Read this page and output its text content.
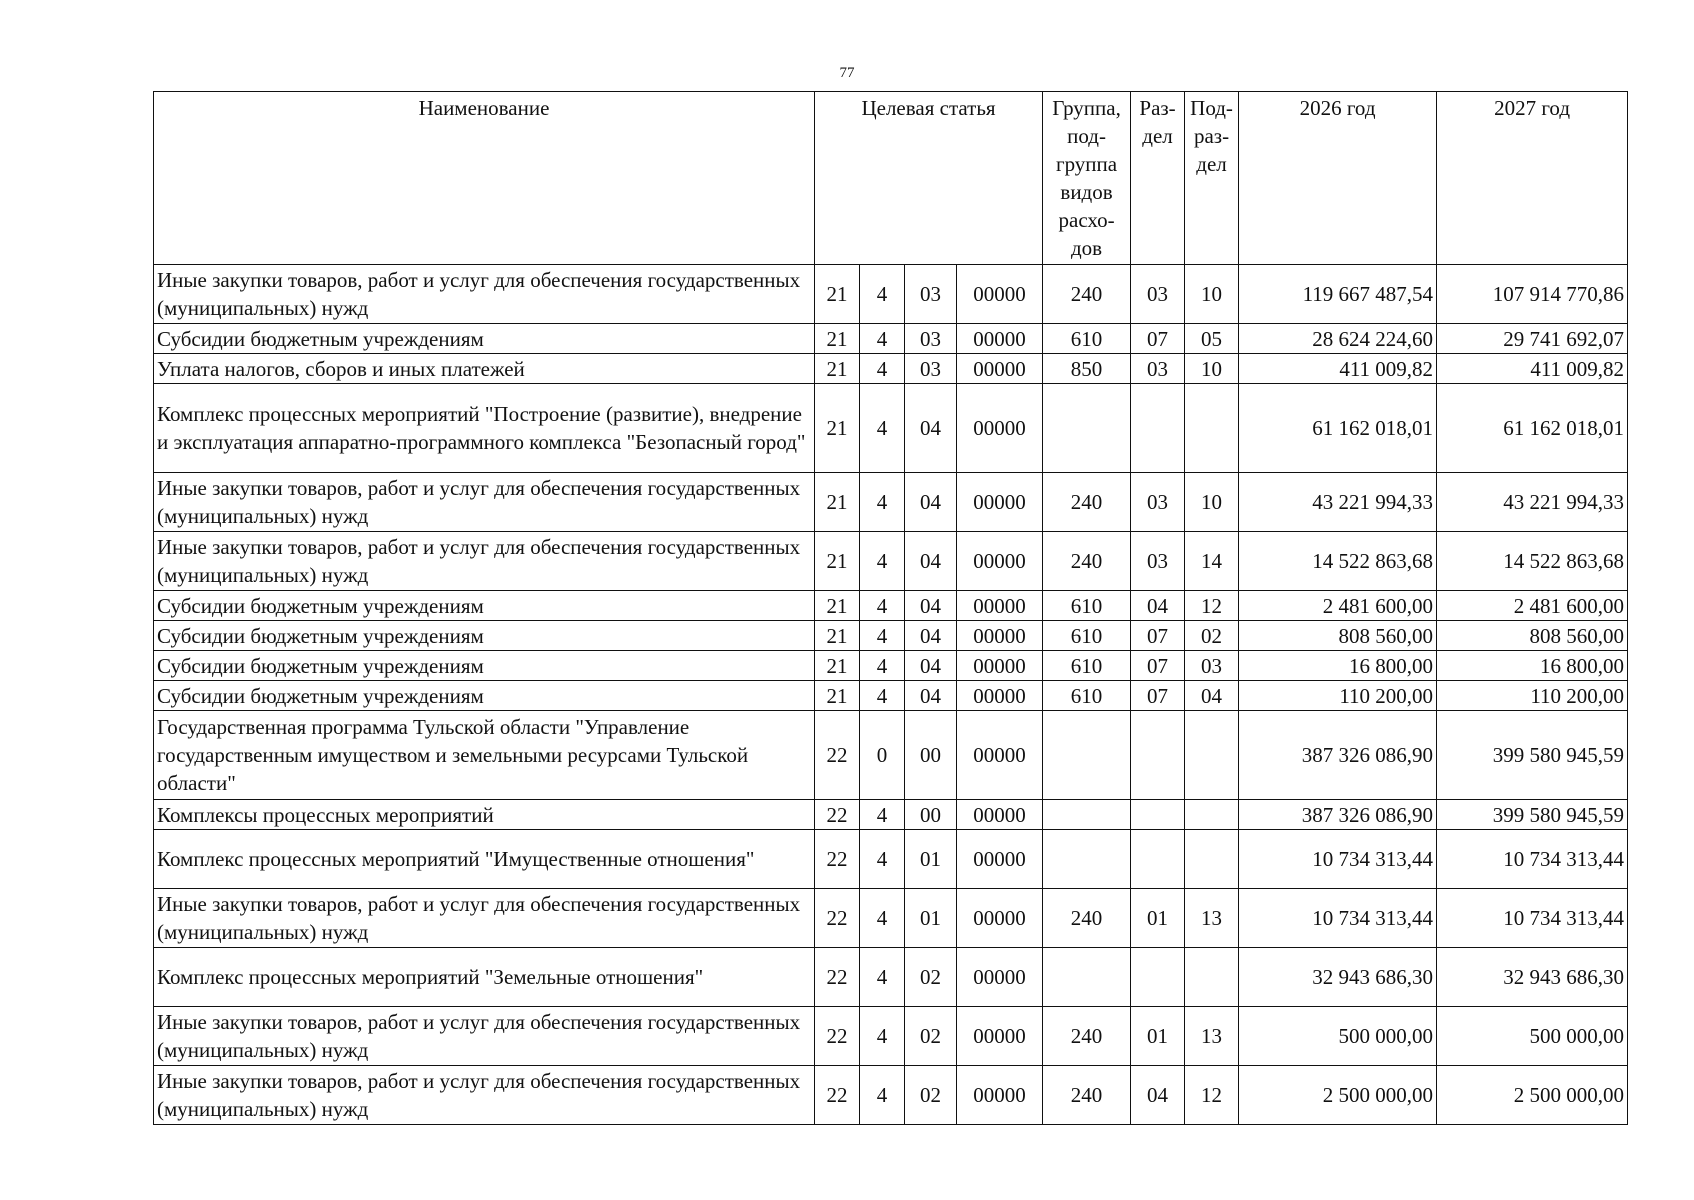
77
Наименование	Целевая статья				Группа, под- группа видов расхо- дов	Раз- дел	Под- раз- дел	2026 год	2027 год
Иные закупки товаров, работ и услуг для обеспечения государственных (муниципальных) нужд	21	4	03	00000	240	03	10	119 667 487,54	107 914 770,86
Субсидии бюджетным учреждениям	21	4	03	00000	610	07	05	28 624 224,60	29 741 692,07
Уплата налогов, сборов и иных платежей	21	4	03	00000	850	03	10	411 009,82	411 009,82
Комплекс процессных мероприятий "Построение (развитие), внедрение и эксплуатация аппаратно-программного комплекса "Безопасный город"	21	4	04	00000				61 162 018,01	61 162 018,01
Иные закупки товаров, работ и услуг для обеспечения государственных (муниципальных) нужд	21	4	04	00000	240	03	10	43 221 994,33	43 221 994,33
Иные закупки товаров, работ и услуг для обеспечения государственных (муниципальных) нужд	21	4	04	00000	240	03	14	14 522 863,68	14 522 863,68
Субсидии бюджетным учреждениям	21	4	04	00000	610	04	12	2 481 600,00	2 481 600,00
Субсидии бюджетным учреждениям	21	4	04	00000	610	07	02	808 560,00	808 560,00
Субсидии бюджетным учреждениям	21	4	04	00000	610	07	03	16 800,00	16 800,00
Субсидии бюджетным учреждениям	21	4	04	00000	610	07	04	110 200,00	110 200,00
Государственная программа Тульской области "Управление государственным имуществом и земельными ресурсами Тульской области"	22	0	00	00000				387 326 086,90	399 580 945,59
Комплексы процессных мероприятий	22	4	00	00000				387 326 086,90	399 580 945,59
Комплекс процессных мероприятий "Имущественные отношения"	22	4	01	00000				10 734 313,44	10 734 313,44
Иные закупки товаров, работ и услуг для обеспечения государственных (муниципальных) нужд	22	4	01	00000	240	01	13	10 734 313,44	10 734 313,44
Комплекс процессных мероприятий "Земельные отношения"	22	4	02	00000				32 943 686,30	32 943 686,30
Иные закупки товаров, работ и услуг для обеспечения государственных (муниципальных) нужд	22	4	02	00000	240	01	13	500 000,00	500 000,00
Иные закупки товаров, работ и услуг для обеспечения государственных (муниципальных) нужд	22	4	02	00000	240	04	12	2 500 000,00	2 500 000,00
